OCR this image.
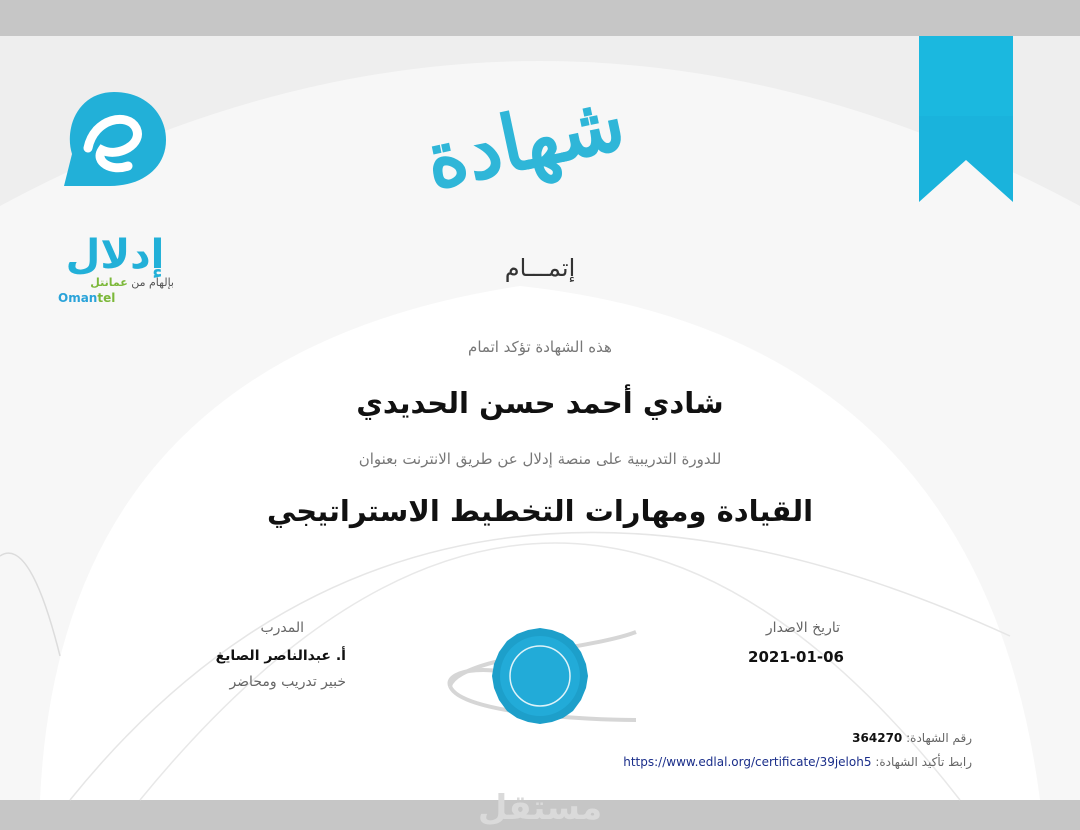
إدلال
بإلهام من عمانتل
Omantel
شهادة
إتمـــام
هذه الشهادة تؤكد اتمام
شادي أحمد حسن الحديدي
للدورة التدريبية على منصة إدلال عن طريق الانترنت بعنوان
القيادة ومهارات التخطيط الاستراتيجي
تاريخ الاصدار
2021-01-06
المدرب
أ. عبدالناصر الصايغ
خبير تدريب ومحاضر
رقم الشهادة: 364270
رابط تأكيد الشهادة: https://www.edlal.org/certificate/39jeloh5
مستقل
